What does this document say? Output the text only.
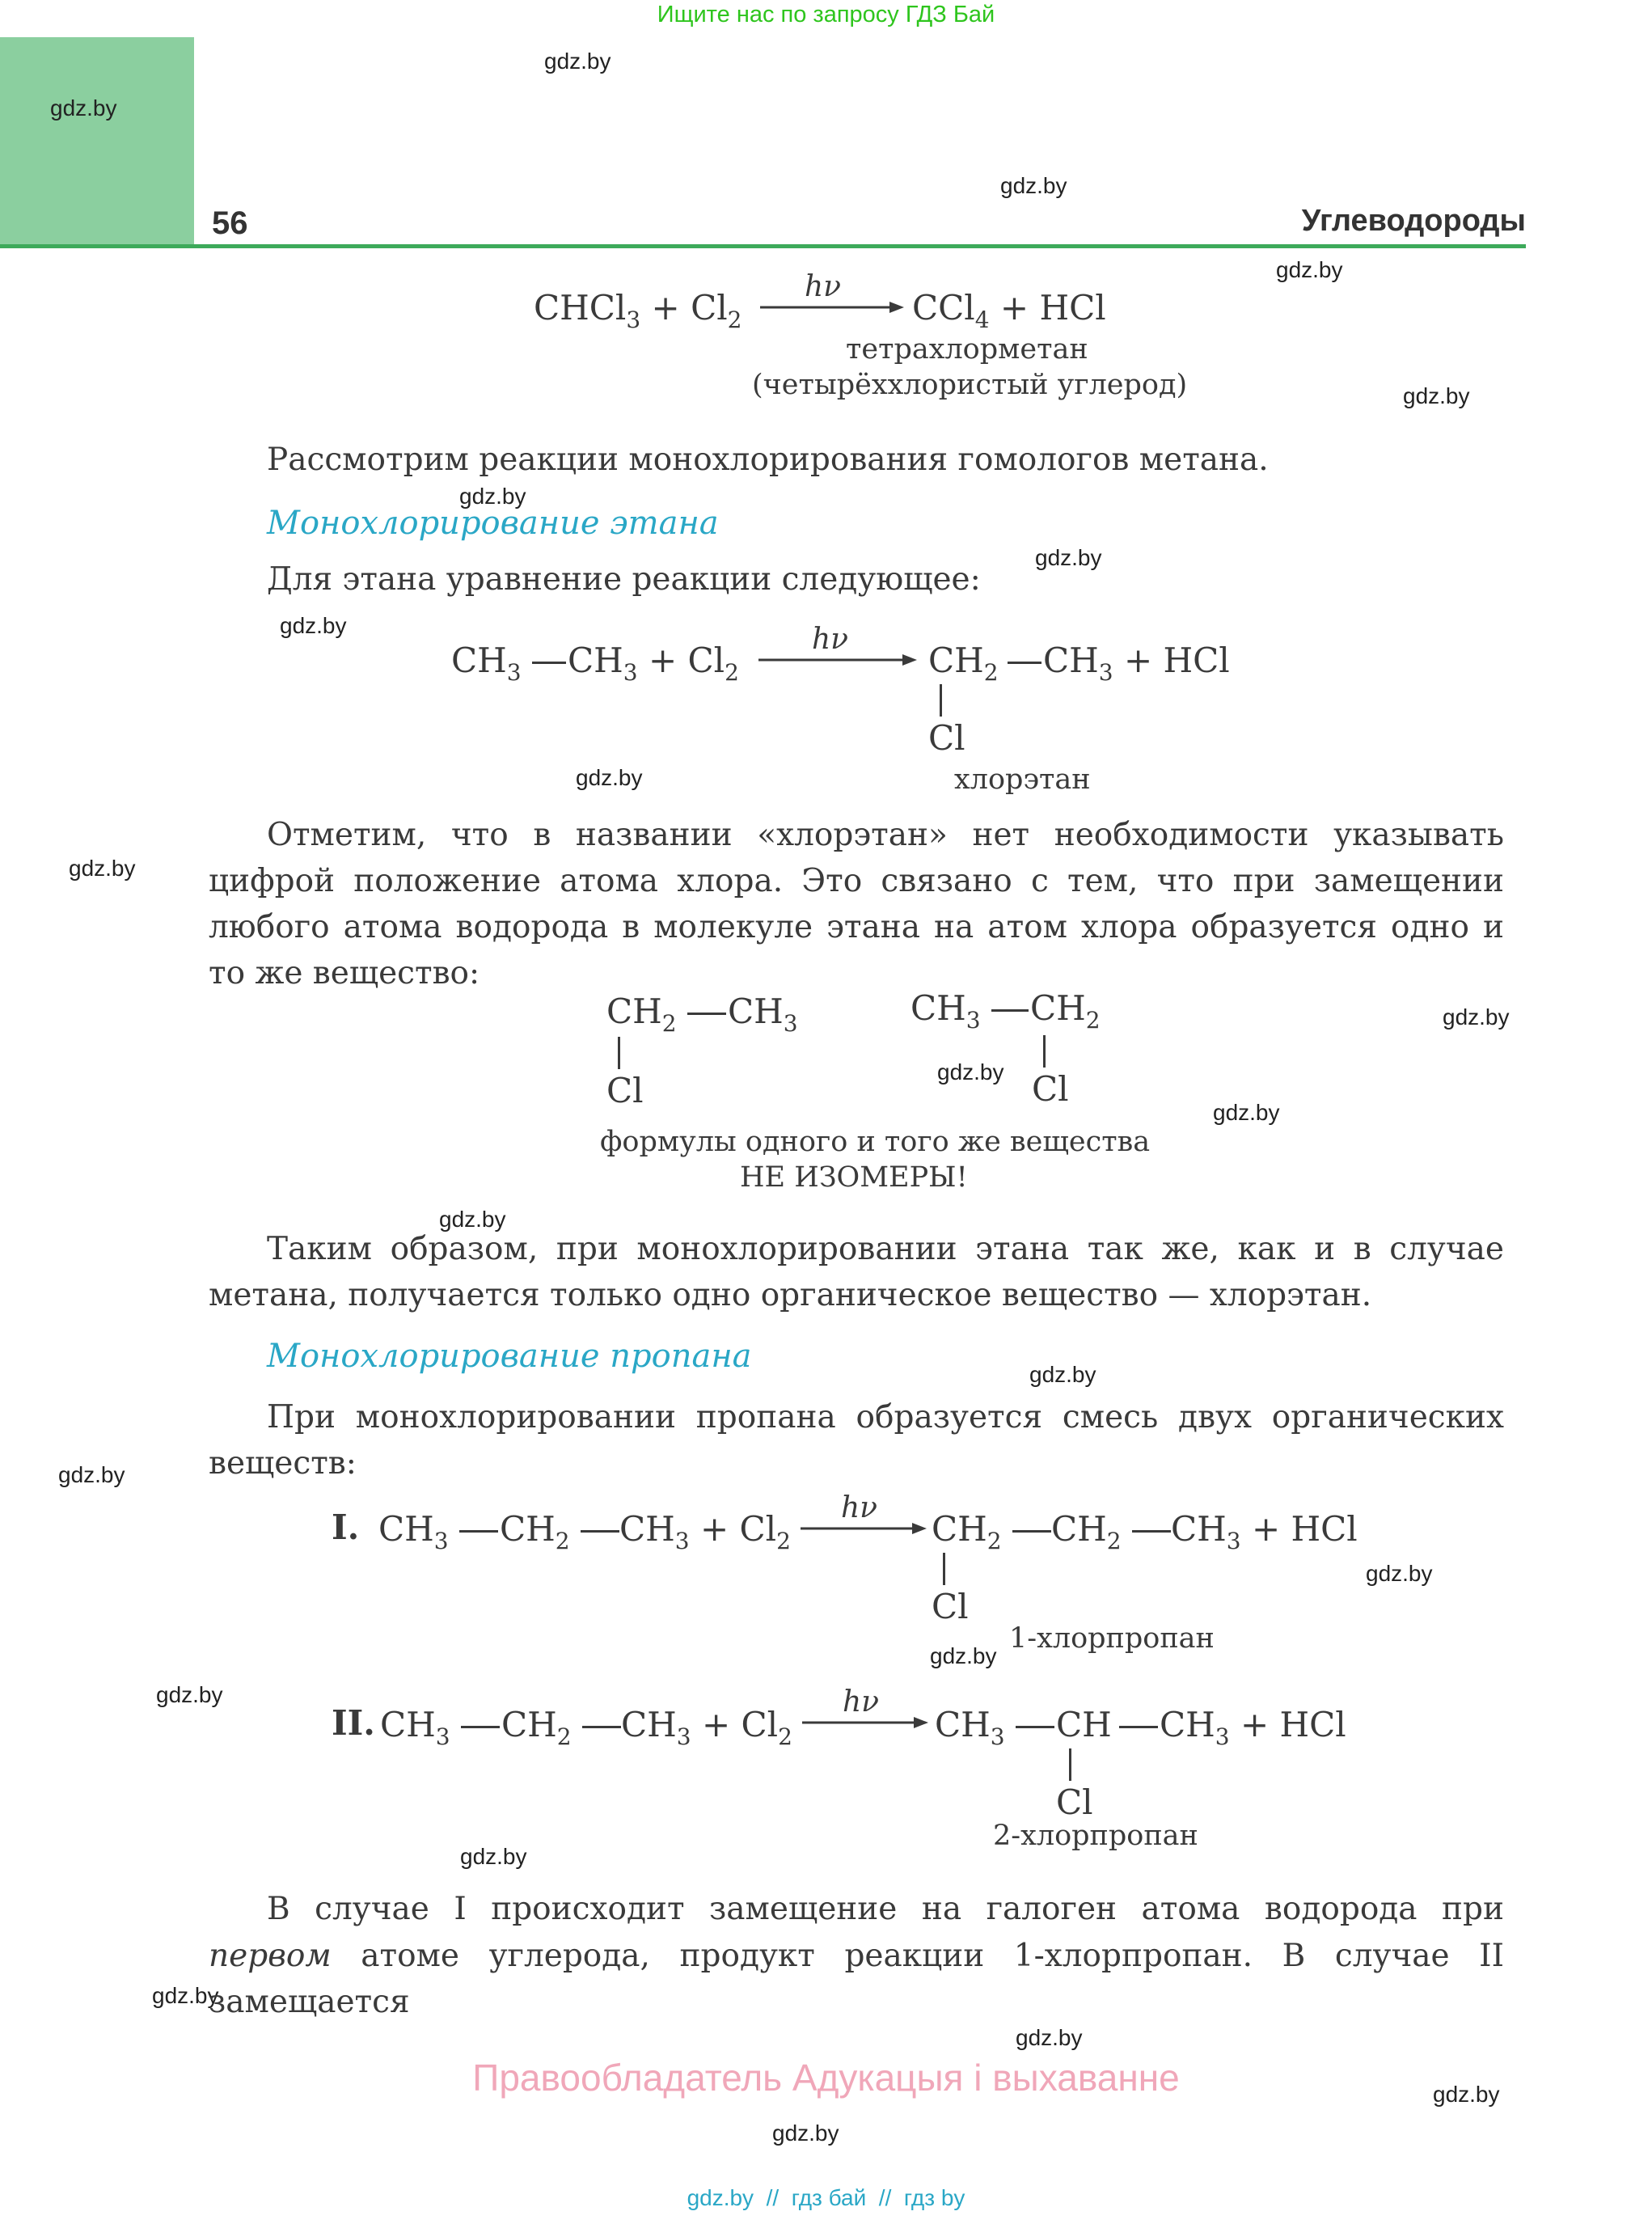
Ищите нас по запросу ГДЗ Бай
gdz.by
56	Углеводороды
gdz.by
gdz.by
gdz.by
gdz.by
gdz.by
gdz.by
gdz.by
gdz.by
gdz.by
gdz.by
gdz.by
gdz.by
gdz.by
gdz.by
gdz.by
gdz.by
gdz.by
gdz.by
gdz.by
gdz.by
gdz.by
gdz.by
gdz.by
CHCl$_3$ + $Cl_2$
hν
CCl$_4$ + HCl
тетрахлорметан
(четырёххлористый углерод)
Рассмотрим реакции монохлорирования гомологов метана.
Монохлорирование этана
Для этана уравнение реакции следующее:
$CH_3$ $CH_3 + Cl_2$
hν
$CH_2$ $CH_3$ + HCl
Cl
хлорэтан
Отметим, что в названии «хлорэтан» нет необходимости указывать цифрой положение атома хлора. Это связано с тем, что при замещении любого атома водорода в молекуле этана на атом хлора образуется одно и то же вещество:
$CH_2$ $CH_3$
Cl
$CH_3$ $CH_2$
Cl
формулы одного и того же вещества
НЕ ИЗОМЕРЫ!
Таким образом, при монохлорировании этана так же, как и в случае метана, получается только одно органическое вещество — хлорэтан.
Монохлорирование пропана
При монохлорировании пропана образуется смесь двух органических веществ:
I. $CH_3$ $CH_2$ $CH_3 + Cl_2$
hν
$CH_2$ $CH_2$ $CH_3$ + HCl
Cl
1-хлорпропан
II. $CH_3$ $CH_2$ $CH_3 + Cl_2$
hν
$CH_3$ CH $CH_3$ + HCl
Cl
2-хлорпропан
В случае I происходит замещение на галоген атома водорода при
первом атоме углерода, продукт реакции 1-хлорпропан. В случае II замещается
Правообладатель Адукацыя і выхаванне
gdz.by  //  гдз бай  //  гдз by
